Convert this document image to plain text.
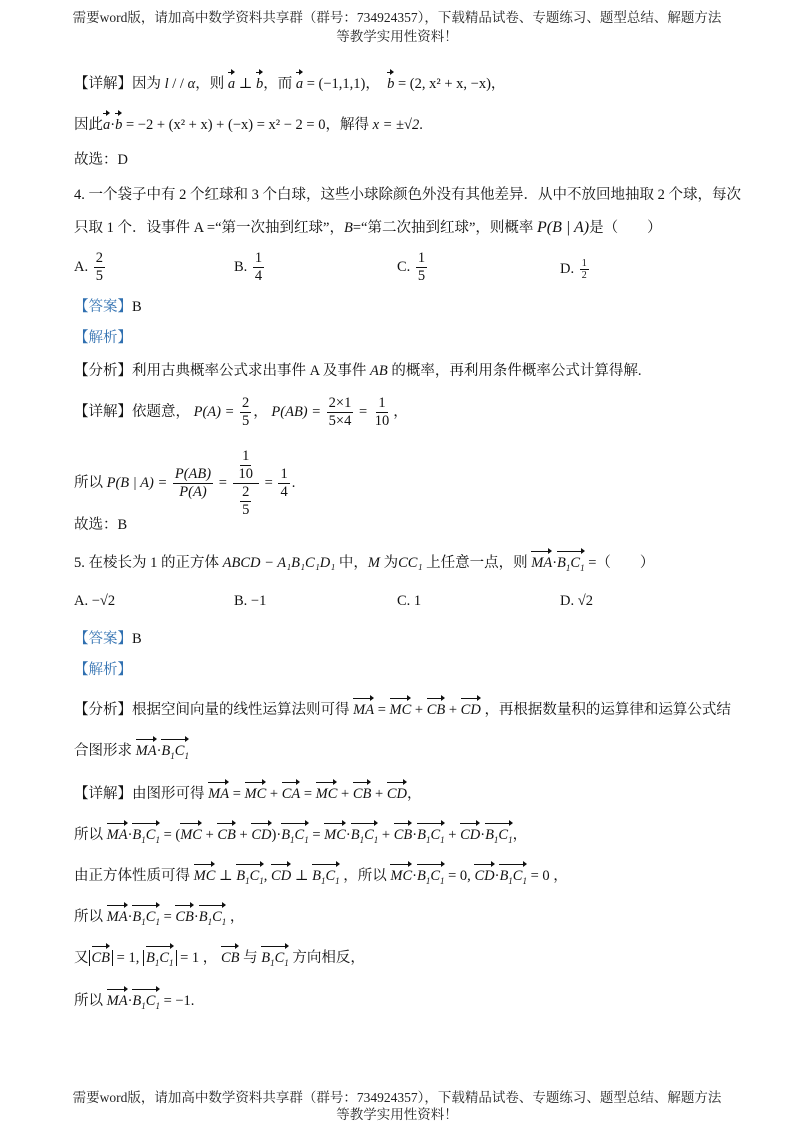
需要word版，请加高中数学资料共享群（群号：734924357），下载精品试卷、专题练习、题型总结、解题方法
等教学实用性资料！
【详解】因为 l / / α，则 a ⊥ b，而 a = (−1,1,1)， b = (2, x² + x, −x)，
因此a·b = −2 + (x² + x) + (−x) = x² − 2 = 0，解得 x = ±√2.
故选：D
4. 一个袋子中有 2 个红球和 3 个白球，这些小球除颜色外没有其他差异．从中不放回地抽取 2 个球，每次
只取 1 个．设事件 A =“第一次抽到红球”，B=“第二次抽到红球”，则概率 P(B | A)是（　　）
A. $\frac{2}{5}$	B. $\frac{1}{4}$	C. $\frac{1}{5}$	D. $\frac{1}{2}$
【答案】B
【解析】
【分析】利用古典概率公式求出事件 A 及事件 AB 的概率，再利用条件概率公式计算得解.
【详解】依题意， $P(A) = \frac{2}{5}$ ， $P(AB) = \frac{2\times 1}{5\times 4} = \frac{1}{10}$ ，
所以 P(B | $A) = \frac{P(AB)}{P(A)} = \frac{\frac{1}{10}}{\frac{2}{5}} = \frac{1}{4}$ .
故选：B
5. 在棱长为 1 的正方体 ABCD − A₁B₁C₁D₁ 中，M 为CC₁ 上任意一点，则 $MA\cdot B_1C_1$ =（　　）
A. −√2	B. −1	C. 1	D. √2
【答案】B
【解析】
【分析】根据空间向量的线性运算法则可得 MA = MC + CB + CD ，再根据数量积的运算律和运算公式结
合图形求 $MA\cdot B_1C_1$
【详解】由图形可得 MA = MC + CA = MC + CB + CD，
所以 $MA\cdot B_1C_1 = (MC$ + CB + $CD)\cdot B_1C_1 = MC\cdot B_1C_1 + CB\cdot B_1C_1 + CD\cdot B_1C_1$，
由正方体性质可得 MC ⊥ $B_1C_1$, CD ⊥ $B_1C_1$ ，所以 $MC\cdot B_1C_1 = 0$, $CD\cdot B_1C_1 = 0$ ，
所以 $MA\cdot B_1C_1 = CB\cdot B_1C_1$ ，
又 CB = 1, $B_1C_1 = 1$ ， CB 与 $B_1C_1$ 方向相反，
所以 $MA\cdot B_1C_1 = -1$.
需要word版，请加高中数学资料共享群（群号：734924357），下载精品试卷、专题练习、题型总结、解题方法
等教学实用性资料！
